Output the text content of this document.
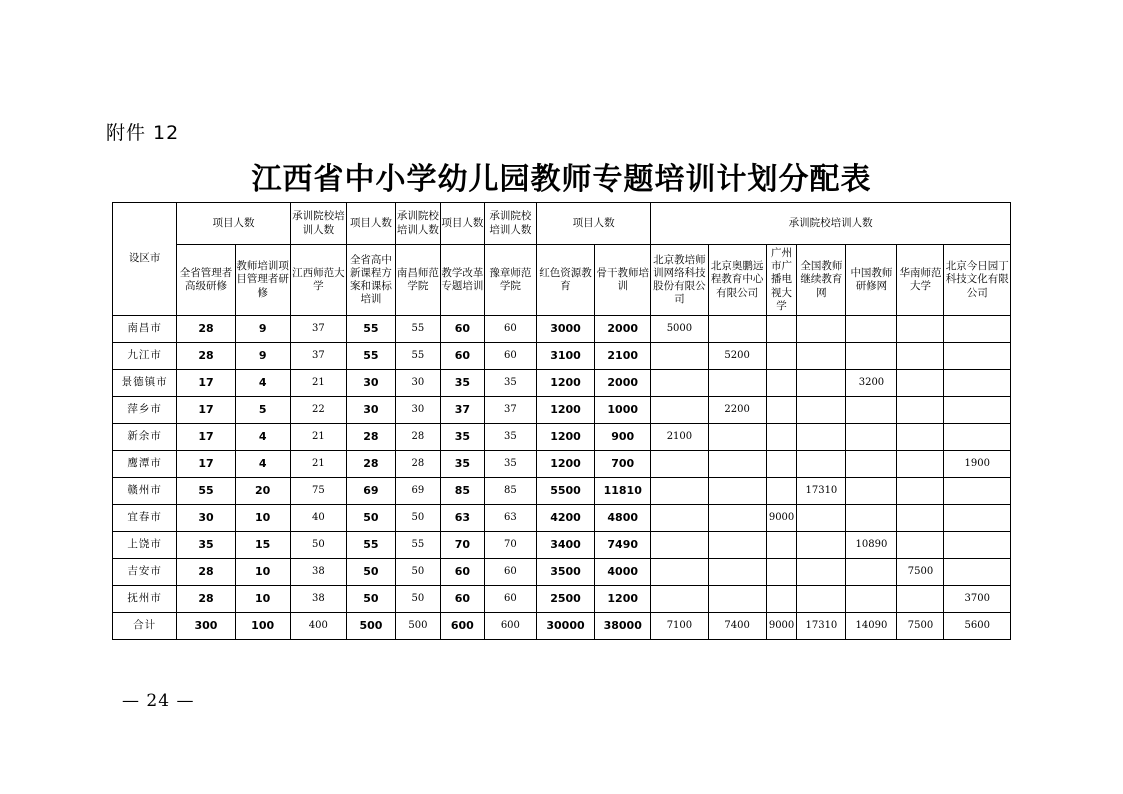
附件 12
江西省中小学幼儿园教师专题培训计划分配表
设区市	项目人数		承训院校培训人数	项目人数	承训院校培训人数	项目人数	承训院校培训人数	项目人数		承训院校培训人数						
	全省管理者高级研修	教师培训项目管理者研修	江西师范大学	全省高中新课程方案和课标培训	南昌师范学院	教学改革专题培训	豫章师范学院	红色资源教育	骨干教师培训	北京教培师训网络科技股份有限公司	北京奥鹏远程教育中心有限公司	广州市广播电视大学	全国教师继续教育网	中国教师研修网	华南师范大学	北京今日园丁科技文化有限公司
南昌市	28	9	37	55	55	60	60	3000	2000	5000						
九江市	28	9	37	55	55	60	60	3100	2100		5200					
景德镇市	17	4	21	30	30	35	35	1200	2000					3200		
萍乡市	17	5	22	30	30	37	37	1200	1000		2200					
新余市	17	4	21	28	28	35	35	1200	900	2100						
鹰潭市	17	4	21	28	28	35	35	1200	700							1900
赣州市	55	20	75	69	69	85	85	5500	11810				17310			
宜春市	30	10	40	50	50	63	63	4200	4800			9000				
上饶市	35	15	50	55	55	70	70	3400	7490					10890		
吉安市	28	10	38	50	50	60	60	3500	4000						7500	
抚州市	28	10	38	50	50	60	60	2500	1200							3700
合计	300	100	400	500	500	600	600	30000	38000	7100	7400	9000	17310	14090	7500	5600
— 24 —
